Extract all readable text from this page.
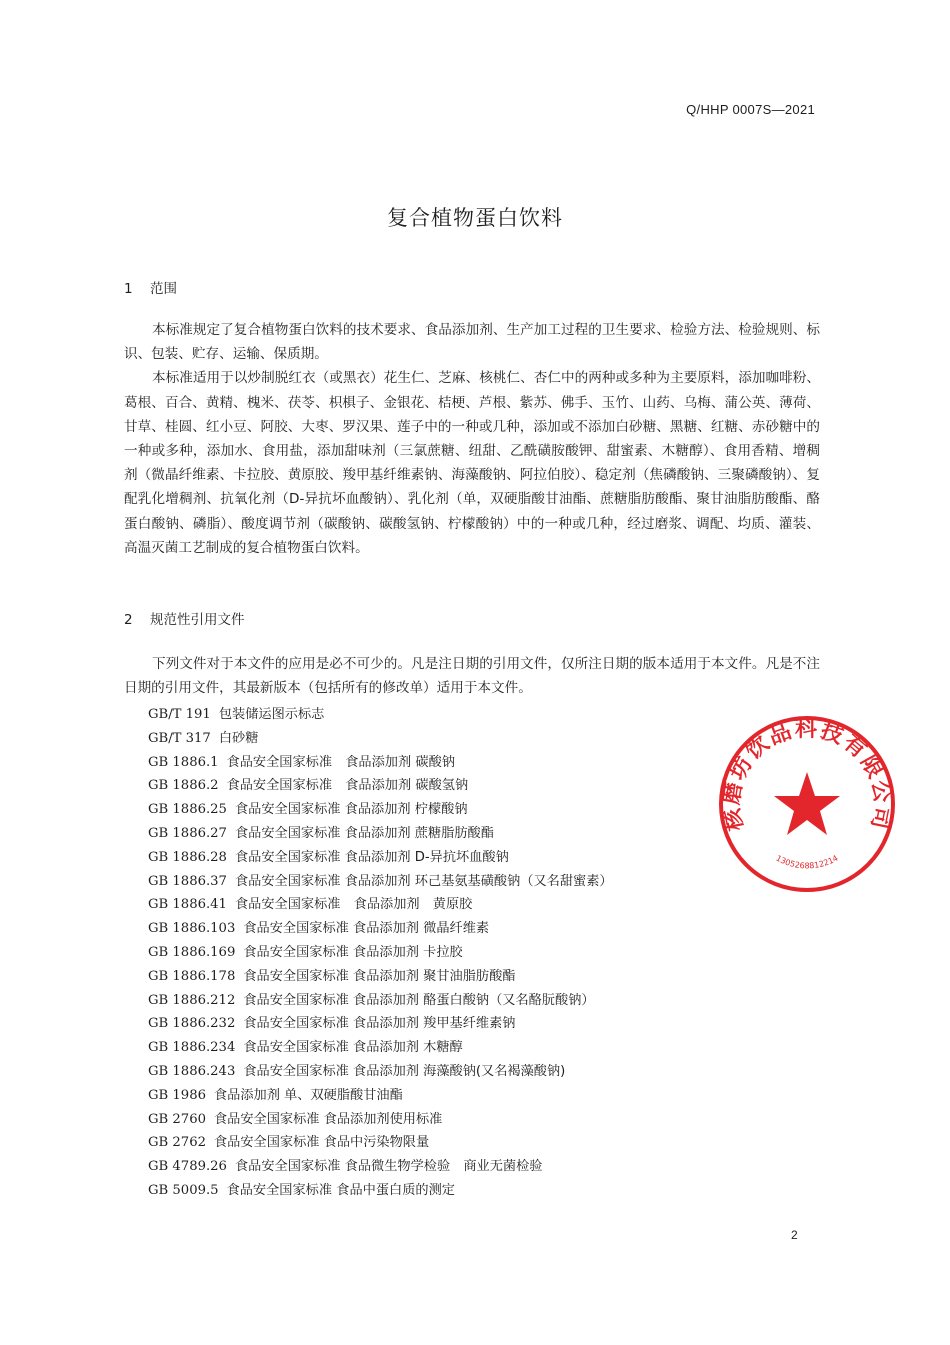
Q/HHP 0007S—2021
复合植物蛋白饮料
1 范围

本标准规定了复合植物蛋白饮料的技术要求、食品添加剂、生产加工过程的卫生要求、检验方法、检验规则、标识、包装、贮存、运输、保质期。

本标准适用于以炒制脱红衣（或黑衣）花生仁、芝麻、核桃仁、杏仁中的两种或多种为主要原料，添加咖啡粉、葛根、百合、黄精、槐米、茯苓、枳椇子、金银花、桔梗、芦根、紫苏、佛手、玉竹、山药、乌梅、蒲公英、薄荷、甘草、桂圆、红小豆、阿胶、大枣、罗汉果、莲子中的一种或几种，添加或不添加白砂糖、黑糖、红糖、赤砂糖中的一种或多种，添加水、食用盐，添加甜味剂（三氯蔗糖、纽甜、乙酰磺胺酸钾、甜蜜素、木糖醇）、食用香精、增稠剂（微晶纤维素、卡拉胶、黄原胶、羧甲基纤维素钠、海藻酸钠、阿拉伯胶）、稳定剂（焦磷酸钠、三聚磷酸钠）、复配乳化增稠剂、抗氧化剂（D-异抗坏血酸钠）、乳化剂（单，双硬脂酸甘油酯、蔗糖脂肪酸酯、聚甘油脂肪酸酯、酪蛋白酸钠、磷脂）、酸度调节剂（碳酸钠、碳酸氢钠、柠檬酸钠）中的一种或几种，经过磨浆、调配、均质、灌装、高温灭菌工艺制成的复合植物蛋白饮料。

2 规范性引用文件

下列文件对于本文件的应用是必不可少的。凡是注日期的引用文件，仅所注日期的版本适用于本文件。凡是不注日期的引用文件，其最新版本（包括所有的修改单）适用于本文件。

GB/T 191 包装储运图示标志
GB/T 317 白砂糖
GB 1886.1 食品安全国家标准　食品添加剂 碳酸钠
GB 1886.2 食品安全国家标准　食品添加剂 碳酸氢钠
GB 1886.25 食品安全国家标准 食品添加剂 柠檬酸钠
GB 1886.27 食品安全国家标准 食品添加剂 蔗糖脂肪酸酯
GB 1886.28 食品安全国家标准 食品添加剂 D-异抗坏血酸钠
GB 1886.37 食品安全国家标准 食品添加剂 环己基氨基磺酸钠（又名甜蜜素）
GB 1886.41 食品安全国家标准　食品添加剂　黄原胶
GB 1886.103 食品安全国家标准 食品添加剂 微晶纤维素
GB 1886.169 食品安全国家标准 食品添加剂 卡拉胶
GB 1886.178 食品安全国家标准 食品添加剂 聚甘油脂肪酸酯
GB 1886.212 食品安全国家标准 食品添加剂 酪蛋白酸钠（又名酪朊酸钠）
GB 1886.232 食品安全国家标准 食品添加剂 羧甲基纤维素钠
GB 1886.234 食品安全国家标准 食品添加剂 木糖醇
GB 1886.243 食品安全国家标准 食品添加剂 海藻酸钠(又名褐藻酸钠)
GB 1986 食品添加剂 单、双硬脂酸甘油酯
GB 2760 食品安全国家标准 食品添加剂使用标准
GB 2762 食品安全国家标准 食品中污染物限量
GB 4789.26 食品安全国家标准 食品微生物学检验　商业无菌检验
GB 5009.5 食品安全国家标准 食品中蛋白质的测定
核磨坊饮品科技有限公司
1305268812214
2
